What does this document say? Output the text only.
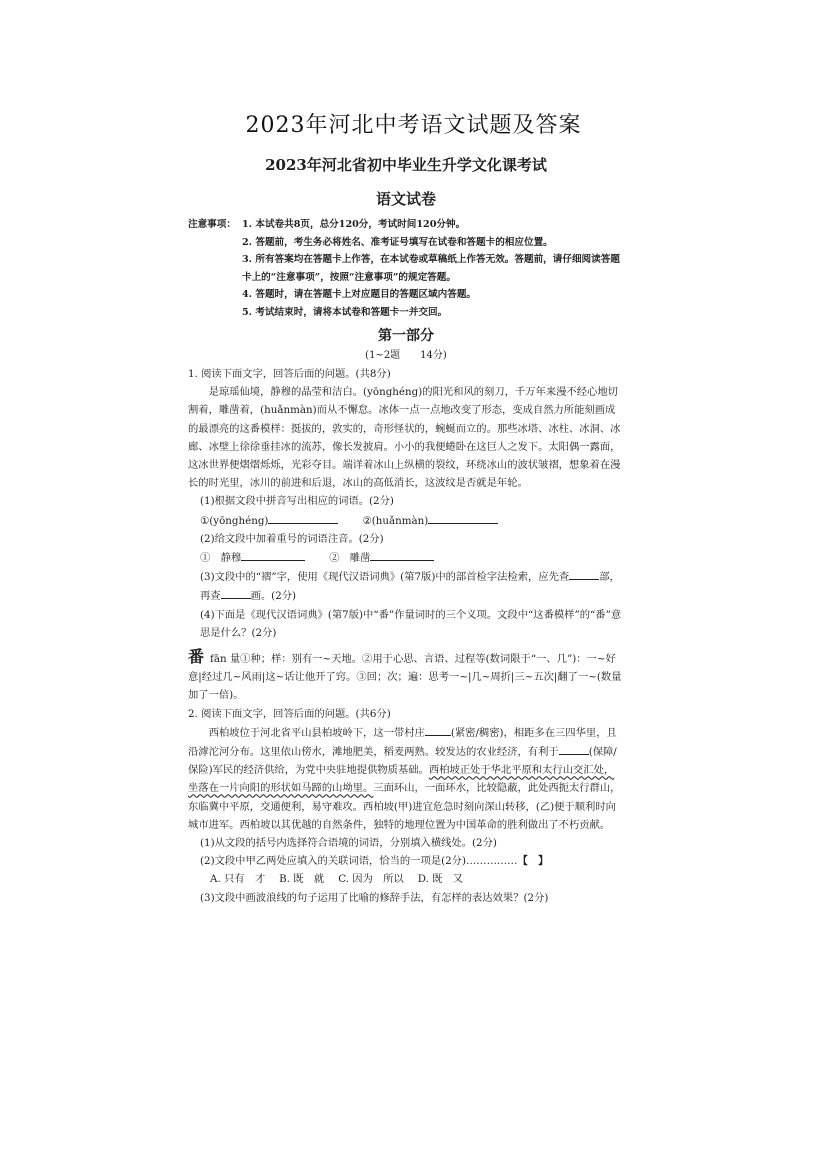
2023年河北中考语文试题及答案
2023年河北省初中毕业生升学文化课考试
语文试卷
注意事项： 1. 本试卷共8页，总分120分，考试时间120分钟。
2. 答题前，考生务必将姓名、准考证号填写在试卷和答题卡的相应位置。
3. 所有答案均在答题卡上作答，在本试卷或草稿纸上作答无效。答题前，请仔细阅读答题卡上的“注意事项”，按照“注意事项”的规定答题。
4. 答题时，请在答题卡上对应题目的答题区域内答题。
5. 考试结束时，请将本试卷和答题卡一并交回。
第一部分
(1~2题　　14分)

1. 阅读下面文字，回答后面的问题。(共8分)

是琼瑶仙境，静穆的晶莹和洁白。(yōnghéng)的阳光和风的刻刀，千万年来漫不经心地切割着，雕凿着，(huǎnmàn)而从不懈怠。冰体一点一点地改变了形态，变成自然力所能刻画成的最漂亮的这番模样：挺拔的，敦实的，奇形怪状的，蜿蜒而立的。那些冰塔、冰柱、冰洞、冰廊、冰壁上徐徐垂挂冰的流苏，像长发披肩。小小的我便蜷卧在这巨人之发下。太阳偶一露面，这冰世界便熠熠烁烁，光彩夺目。端详着冰山上纵横的裂纹，环绕冰山的波状皱褶，想象着在漫长的时光里，冰川的前进和后退，冰山的高低消长，这波纹是否就是年轮。

(1)根据文段中拼音写出相应的词语。(2分)

①(yōnghéng)	②(huǎnmàn)

(2)给文段中加着重号的词语注音。(2分)

①　静穆	②　雕凿

(3)文段中的“褶”字，使用《现代汉语词典》(第7版)中的部首检字法检索，应先查	部，再查	画。(2分)

(4)下面是《现代汉语词典》(第7版)中“番”作量词时的三个义项。文段中“这番模样”的“番”意思是什么？(2分)

番fān 量①种；样：别有一~天地。②用于心思、言语、过程等(数词限于“一、几”)：一~好意|经过几~风雨|这~话让他开了窍。③回；次；遍：思考一~|几~周折|三~五次|翻了一~(数量加了一倍)。

2. 阅读下面文字，回答后面的问题。(共6分)

西柏坡位于河北省平山县柏坡岭下，这一带村庄	(紧密/稠密)，相距多在三四华里，且沿滹沱河分布。这里依山傍水，滩地肥美，稻麦两熟。较发达的农业经济，有利于	(保障/保险)军民的经济供给，为党中央驻地提供物质基础。西柏坡正处于华北平原和太行山交汇处，坐落在一片向阳的形状如马蹄的山坳里。三面环山，一面环水，比较隐蔽，此处西扼太行群山，东临冀中平原，交通便利，易守难攻。西柏坡(甲)进宜危急时刻向深山转移，(乙)便于顺利时向城市进军。西柏坡以其优越的自然条件，独特的地理位置为中国革命的胜利做出了不朽贡献。

(1)从文段的括号内选择符合语境的词语，分别填入横线处。(2分)

(2)文段中甲乙两处应填入的关联词语，恰当的一项是(2分)……………【　】

A. 只有　才 B. 既　就 C. 因为　所以 D. 既　又

(3)文段中画波浪线的句子运用了比喻的修辞手法，有怎样的表达效果？(2分)
